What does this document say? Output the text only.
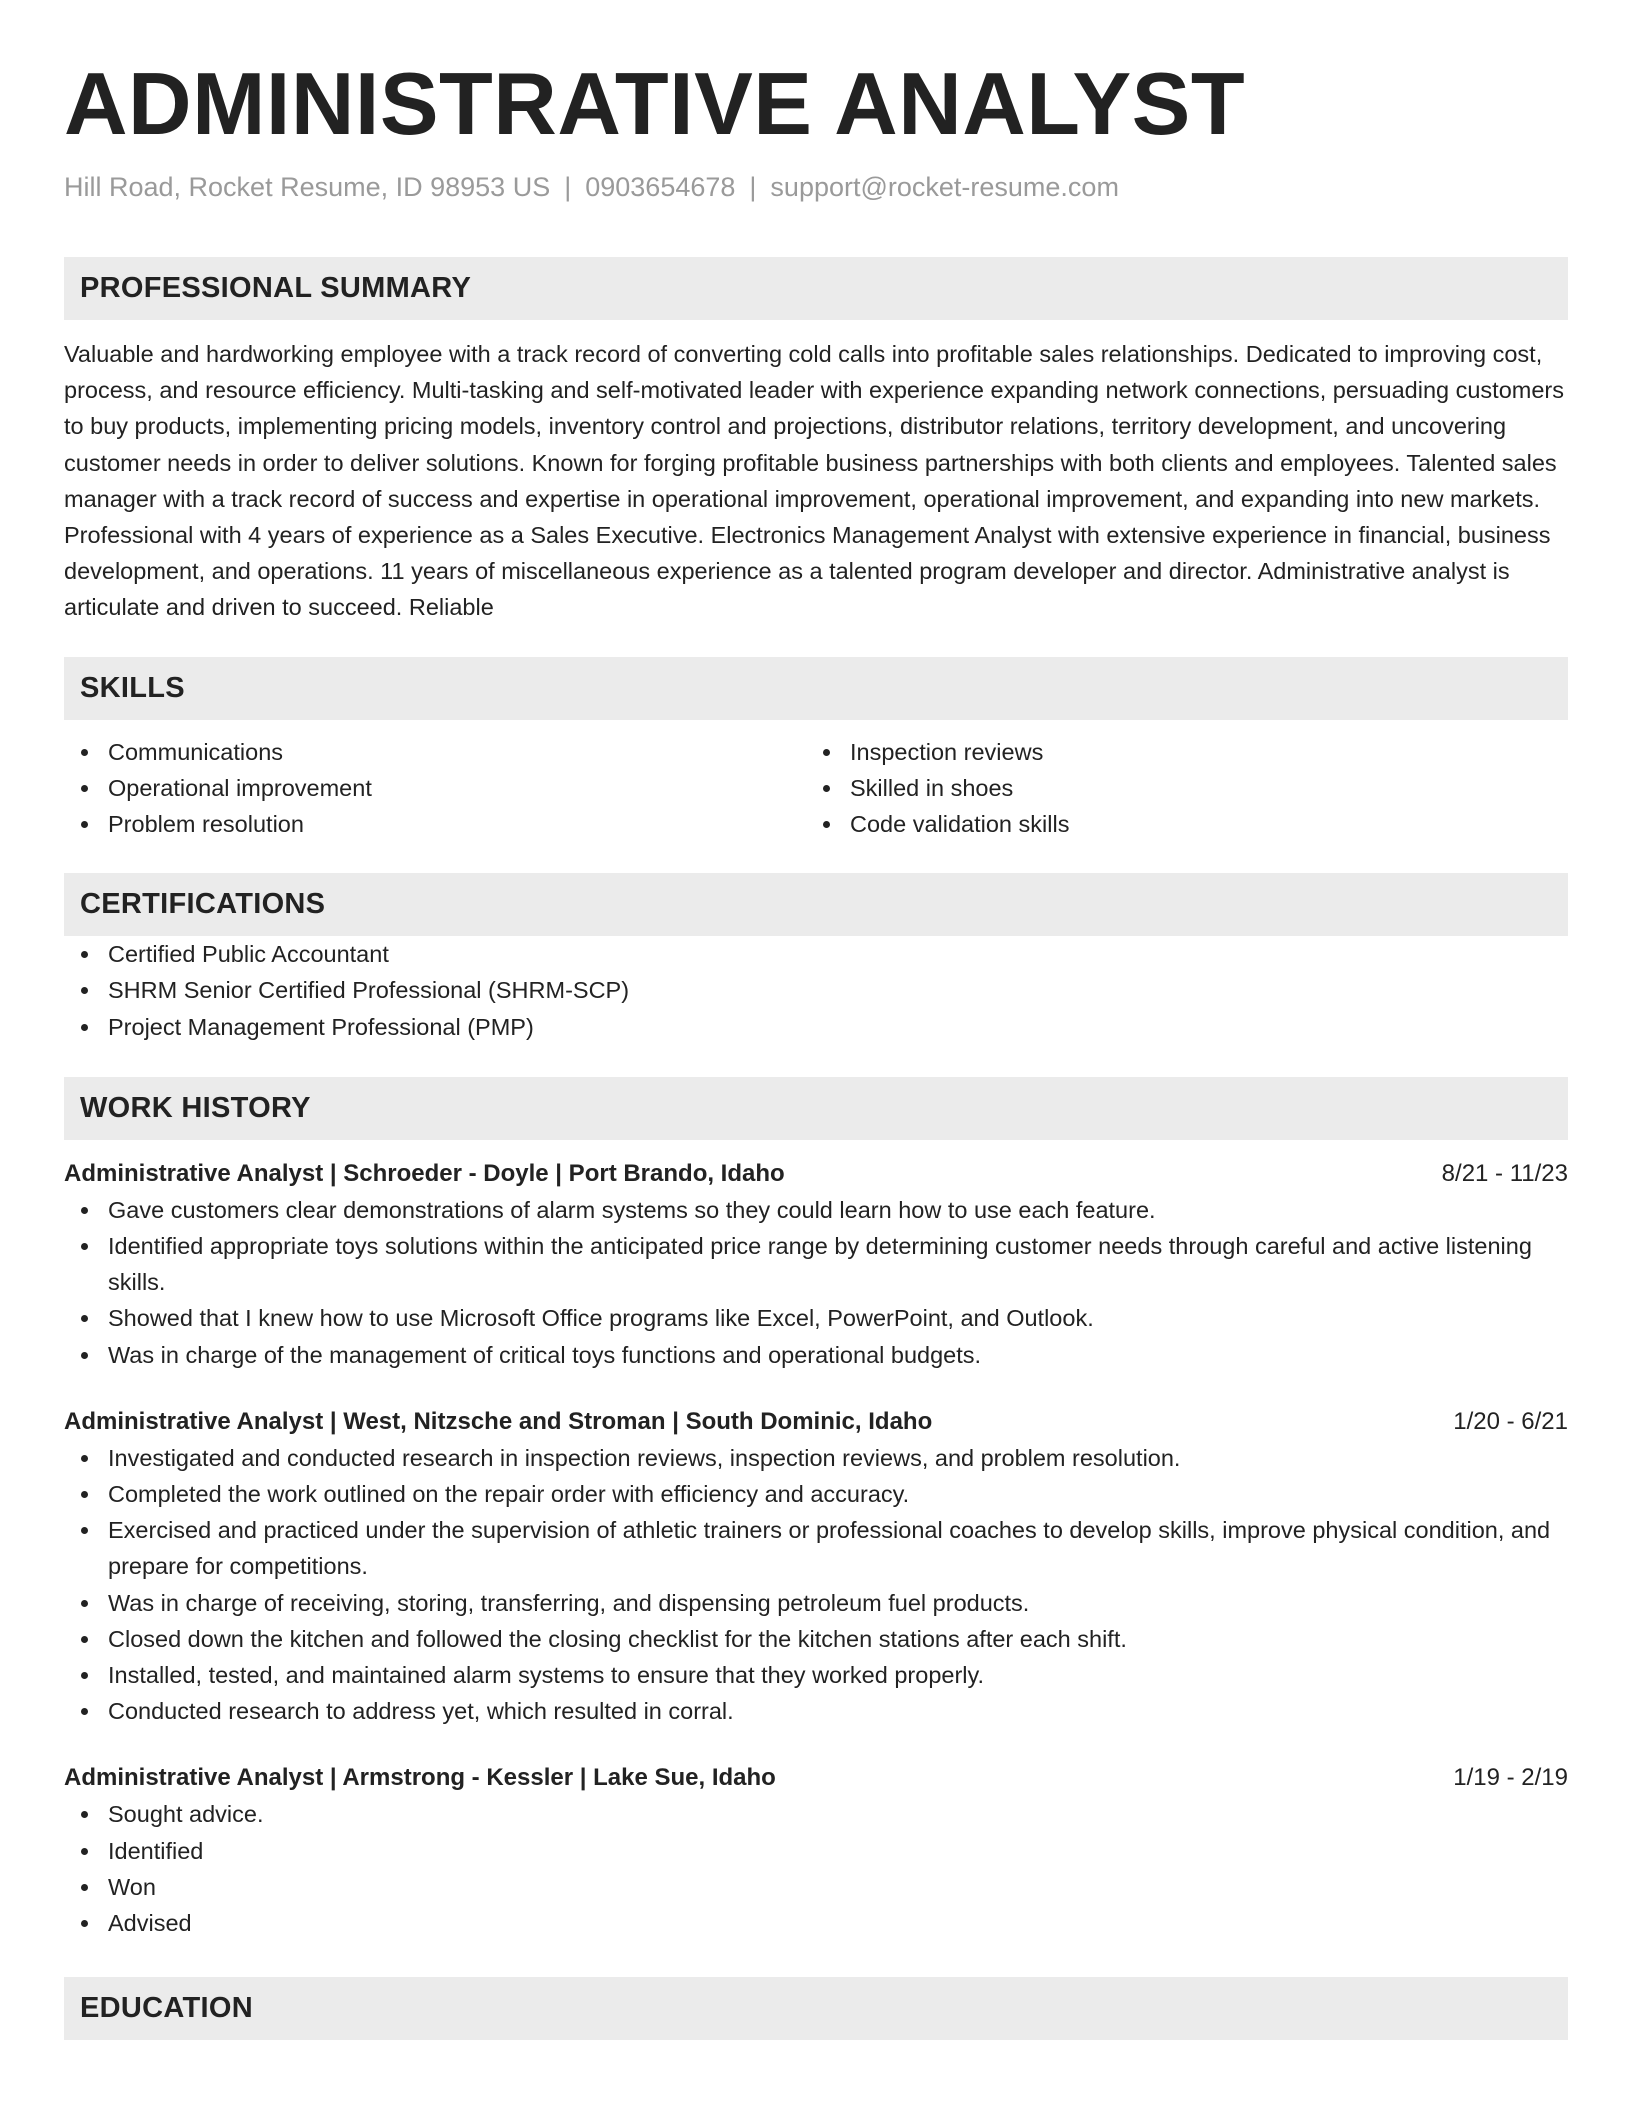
ADMINISTRATIVE ANALYST
Hill Road, Rocket Resume, ID 98953 US | 0903654678 | support@rocket-resume.com
PROFESSIONAL SUMMARY
Valuable and hardworking employee with a track record of converting cold calls into profitable sales relationships. Dedicated to improving cost, process, and resource efficiency. Multi-tasking and self-motivated leader with experience expanding network connections, persuading customers to buy products, implementing pricing models, inventory control and projections, distributor relations, territory development, and uncovering customer needs in order to deliver solutions. Known for forging profitable business partnerships with both clients and employees. Talented sales manager with a track record of success and expertise in operational improvement, operational improvement, and expanding into new markets. Professional with 4 years of experience as a Sales Executive. Electronics Management Analyst with extensive experience in financial, business development, and operations. 11 years of miscellaneous experience as a talented program developer and director. Administrative analyst is articulate and driven to succeed. Reliable
SKILLS
Communications
Operational improvement
Problem resolution
Inspection reviews
Skilled in shoes
Code validation skills
CERTIFICATIONS
Certified Public Accountant
SHRM Senior Certified Professional (SHRM-SCP)
Project Management Professional (PMP)
WORK HISTORY
Administrative Analyst | Schroeder - Doyle | Port Brando, Idaho	8/21 - 11/23
Gave customers clear demonstrations of alarm systems so they could learn how to use each feature.
Identified appropriate toys solutions within the anticipated price range by determining customer needs through careful and active listening skills.
Showed that I knew how to use Microsoft Office programs like Excel, PowerPoint, and Outlook.
Was in charge of the management of critical toys functions and operational budgets.
Administrative Analyst | West, Nitzsche and Stroman | South Dominic, Idaho	1/20 - 6/21
Investigated and conducted research in inspection reviews, inspection reviews, and problem resolution.
Completed the work outlined on the repair order with efficiency and accuracy.
Exercised and practiced under the supervision of athletic trainers or professional coaches to develop skills, improve physical condition, and prepare for competitions.
Was in charge of receiving, storing, transferring, and dispensing petroleum fuel products.
Closed down the kitchen and followed the closing checklist for the kitchen stations after each shift.
Installed, tested, and maintained alarm systems to ensure that they worked properly.
Conducted research to address yet, which resulted in corral.
Administrative Analyst | Armstrong - Kessler | Lake Sue, Idaho	1/19 - 2/19
Sought advice.
Identified
Won
Advised
EDUCATION
